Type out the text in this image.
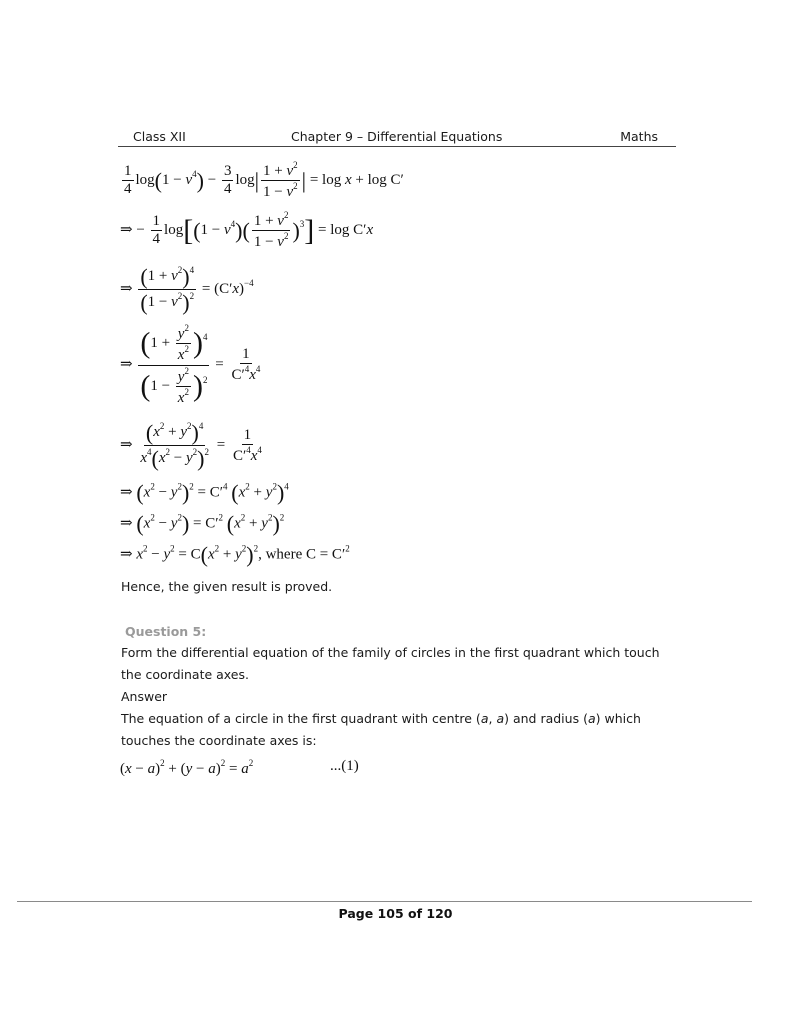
Class XII	Chapter 9 – Differential Equations	Maths
$\frac{1}{4} \log(1 - v^4) - \frac{3}{4} \log| \frac{1 + v^2}{1 - v^2}$ | = log x + log C′
⇒ − $\frac{1}{4} \log[(1 - v^4)( \frac{1 + v^2}{1 - v^2} )^3] = \log C'x$
⇒ $\frac{(1 + v^2)^4}{(1 - v^2)^2} = (C'x)^{-4}$
⇒ $\frac{(1 + \frac{y^2}{x^2} )^4}{(1 - \frac{y^2}{x^2} )^2} = \frac{1}{C'^4x^4}$
⇒ $\frac{(x^2 + y^2)^4}{x^4(x^2 - y^2)^2} = \frac{1}{C'^4x^4}$
⇒ $(x^2 - y^2)^2 = C'^4$ $(x^2 + y^2)^4$
⇒ $(x^2 - y^2) = C'^2$ $(x^2 + y^2)^2$
⇒ $x^2 - y^2 = C(x^2 + y^2)^2$, where $C = C'^2$
Hence, the given result is proved.
Question 5:
Form the differential equation of the family of circles in the first quadrant which touch the coordinate axes.
Answer
The equation of a circle in the first quadrant with centre (a, a) and radius (a) which touches the coordinate axes is:
$(x - a)^2 + (y - a)^2 = a^2$	...(1)
Page 105 of 120
